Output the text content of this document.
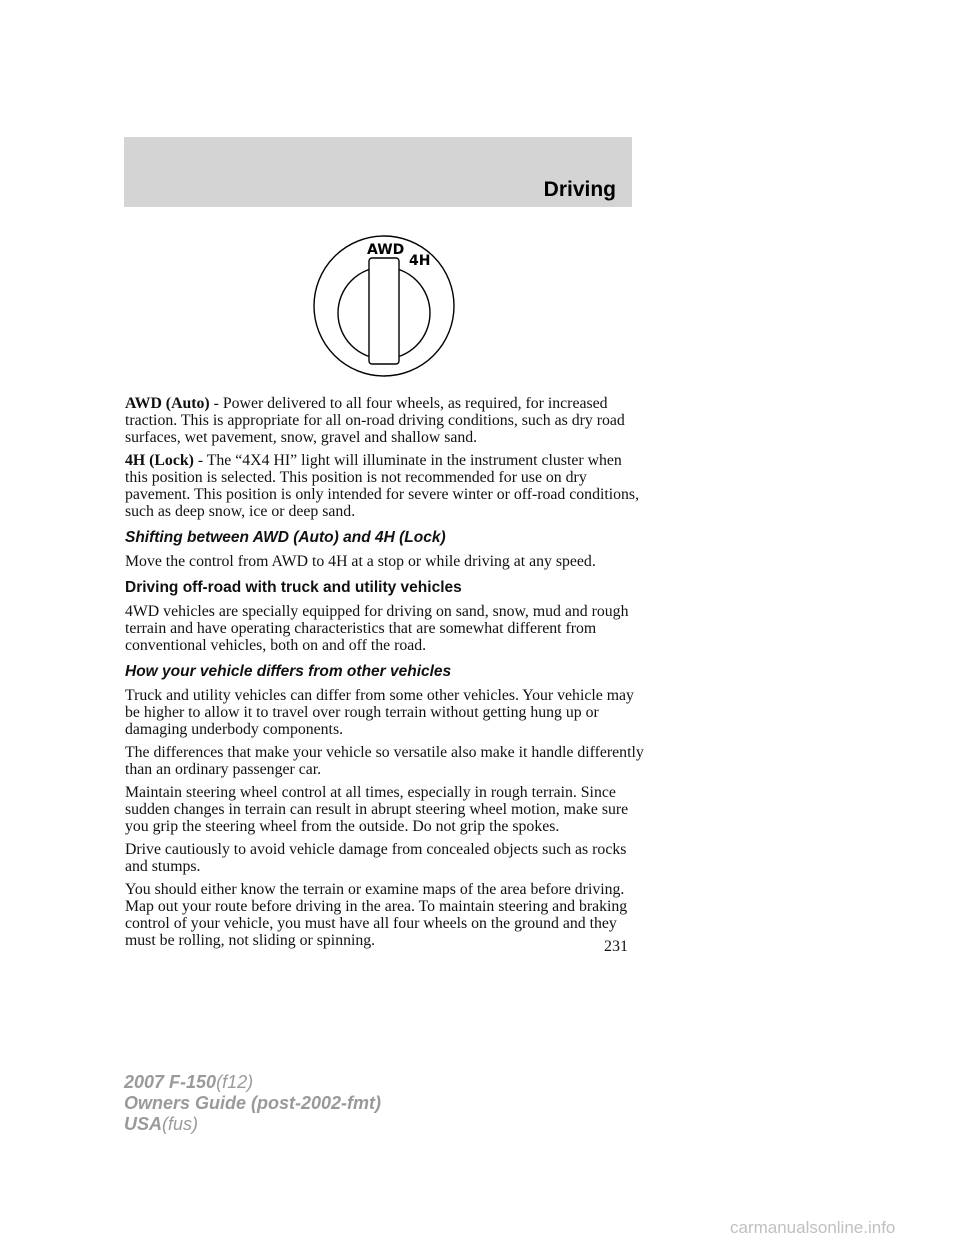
Driving
AWD
4H

AWD (Auto) - Power delivered to all four wheels, as required, for increased traction. This is appropriate for all on-road driving conditions, such as dry road surfaces, wet pavement, snow, gravel and shallow sand.

4H (Lock) - The “4X4 HI” light will illuminate in the instrument cluster when this position is selected. This position is not recommended for use on dry pavement. This position is only intended for severe winter or off-road conditions, such as deep snow, ice or deep sand.

Shifting between AWD (Auto) and 4H (Lock)

Move the control from AWD to 4H at a stop or while driving at any speed.

Driving off-road with truck and utility vehicles

4WD vehicles are specially equipped for driving on sand, snow, mud and rough terrain and have operating characteristics that are somewhat different from conventional vehicles, both on and off the road.

How your vehicle differs from other vehicles

Truck and utility vehicles can differ from some other vehicles. Your vehicle may be higher to allow it to travel over rough terrain without getting hung up or damaging underbody components.

The differences that make your vehicle so versatile also make it handle differently than an ordinary passenger car.

Maintain steering wheel control at all times, especially in rough terrain. Since sudden changes in terrain can result in abrupt steering wheel motion, make sure you grip the steering wheel from the outside. Do not grip the spokes.

Drive cautiously to avoid vehicle damage from concealed objects such as rocks and stumps.

You should either know the terrain or examine maps of the area before driving. Map out your route before driving in the area. To maintain steering and braking control of your vehicle, you must have all four wheels on the ground and they must be rolling, not sliding or spinning.	231
2007 F-150(f12)
Owners Guide (post-2002-fmt)
USA(fus)
carmanualsonline.info
